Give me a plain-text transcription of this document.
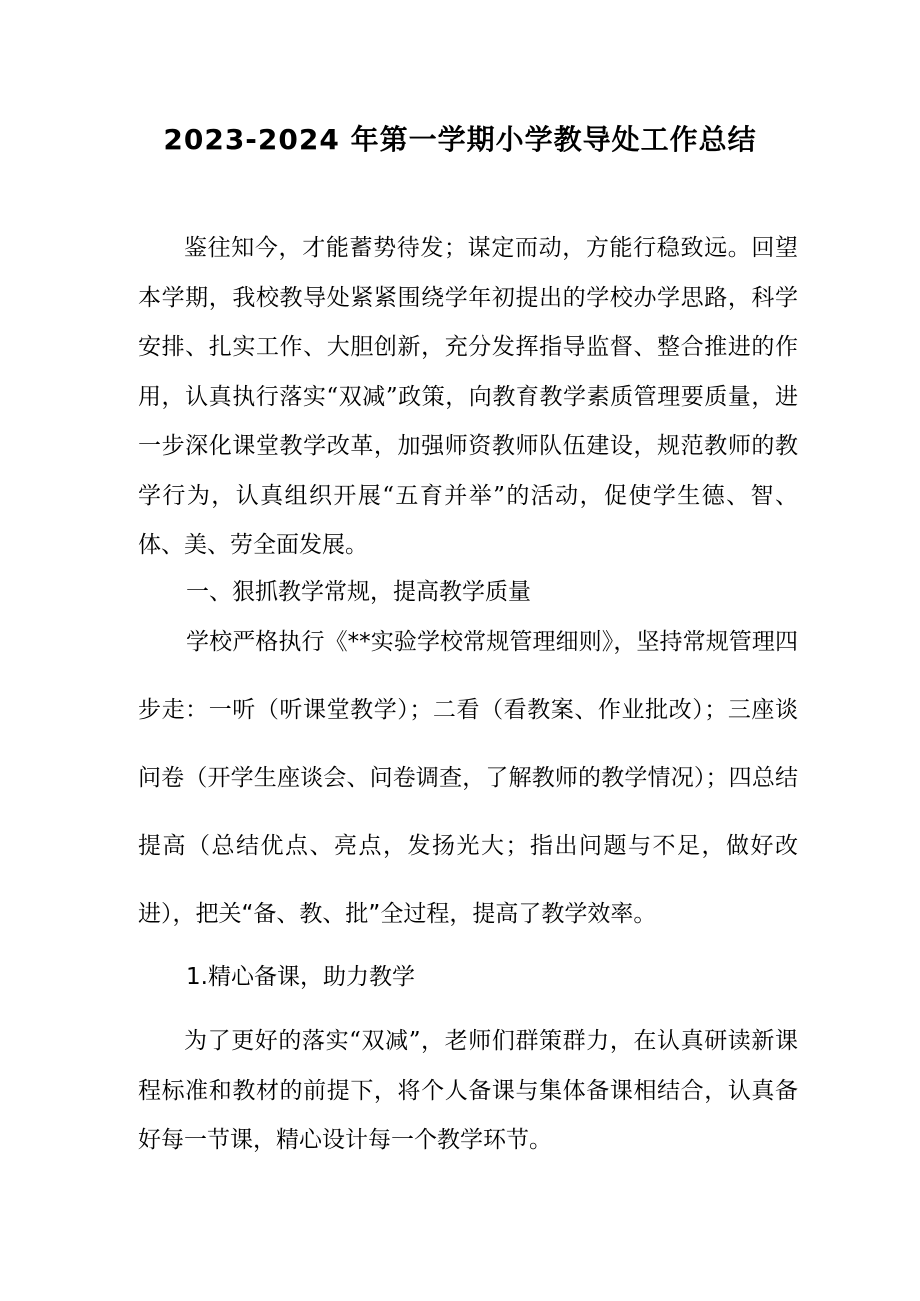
2023-2024 年第一学期小学教导处工作总结
鉴往知今，才能蓄势待发；谋定而动，方能行稳致远。回望本学期，我校教导处紧紧围绕学年初提出的学校办学思路，科学安排、扎实工作、大胆创新，充分发挥指导监督、整合推进的作用，认真执行落实“双减”政策，向教育教学素质管理要质量，进一步深化课堂教学改革，加强师资教师队伍建设，规范教师的教学行为，认真组织开展“五育并举”的活动，促使学生德、智、体、美、劳全面发展。
一、狠抓教学常规，提高教学质量
学校严格执行《**实验学校常规管理细则》，坚持常规管理四步走：一听（听课堂教学）；二看（看教案、作业批改）；三座谈问卷（开学生座谈会、问卷调查，了解教师的教学情况）；四总结提高（总结优点、亮点，发扬光大；指出问题与不足，做好改进），把关“备、教、批”全过程，提高了教学效率。
1.精心备课，助力教学
为了更好的落实“双减”，老师们群策群力，在认真研读新课程标准和教材的前提下，将个人备课与集体备课相结合，认真备好每一节课，精心设计每一个教学环节。
